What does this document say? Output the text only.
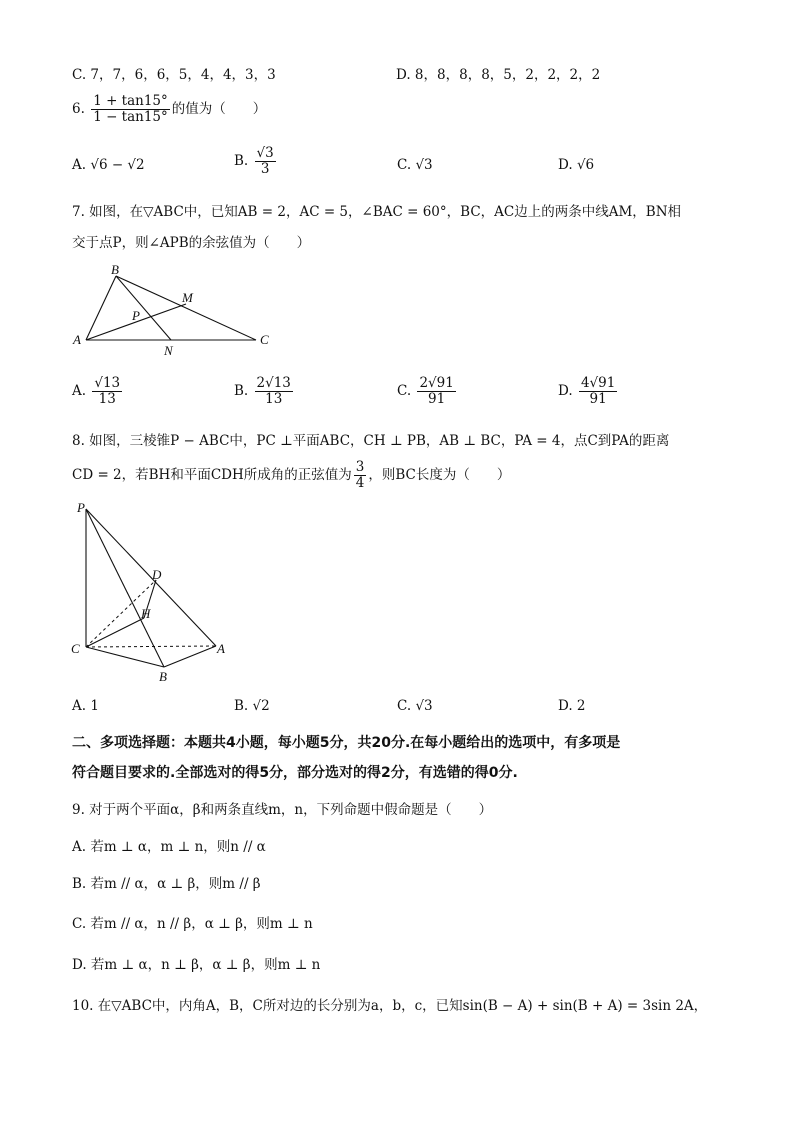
C. 7，7，6，6，5，4，4，3，3	D. 8，8，8，8，5，2，2，2，2
6. $\frac{1 + \tan 15^\circ}{1 - \tan 15^\circ}$ 的值为（　　）
A. √6 − √2	B. $\frac{√3}{3}$	C. √3	D. √6
7. 如图，在▽ABC中，已知AB = 2，AC = 5，∠BAC = 60°，BC，AC边上的两条中线AM，BN相
交于点P，则∠APB的余弦值为（　　）
B
M
P
A
N
C
A. $\frac{√13}{13}$	B. $\frac{2√13}{13}$	C. $\frac{2√91}{91}$	D. $\frac{4√91}{91}$
8. 如图，三棱锥P − ABC中，PC ⊥平面ABC，CH ⊥ PB，AB ⊥ BC，PA = 4，点C到PA的距离
CD = 2，若BH和平面CDH所成角的正弦值为 $\frac{3}{4}$ ，则BC长度为（　　）
P
D
H
C	A
B
A. 1	B. √2	C. √3	D. 2
二、多项选择题：本题共4小题，每小题5分，共20分.在每小题给出的选项中，有多项是
符合题目要求的.全部选对的得5分，部分选对的得2分，有选错的得0分.
9. 对于两个平面α，β和两条直线m，n，下列命题中假命题是（　　）
A. 若m ⊥ α，m ⊥ n，则n // α
B. 若m // α，α ⊥ β，则m // β
C. 若m // α，n // β，α ⊥ β，则m ⊥ n
D. 若m ⊥ α，n ⊥ β，α ⊥ β，则m ⊥ n
10. 在▽ABC中，内角A，B，C所对边的长分别为a，b，c，已知sin(B − A) + sin(B + A) = 3sin 2A，
